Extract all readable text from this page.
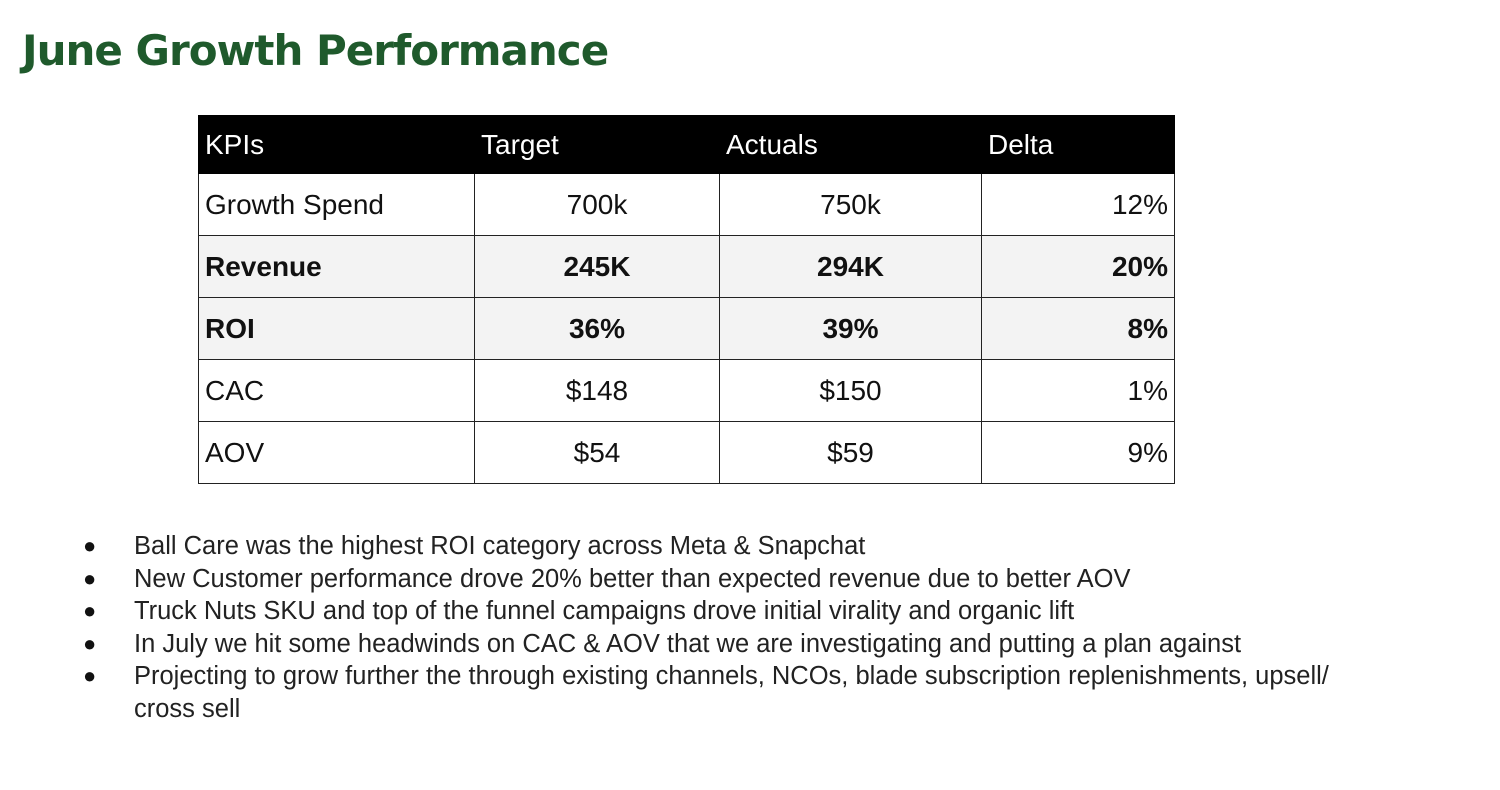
June Growth Performance
KPIs	Target	Actuals	Delta
Growth Spend	700k	750k	12%
Revenue	245K	294K	20%
ROI	36%	39%	8%
CAC	$148	$150	1%
AOV	$54	$59	9%
● Ball Care was the highest ROI category across Meta & Snapchat
● New Customer performance drove 20% better than expected revenue due to better AOV
● Truck Nuts SKU and top of the funnel campaigns drove initial virality and organic lift
● In July we hit some headwinds on CAC & AOV that we are investigating and putting a plan against
● Projecting to grow further the through existing channels, NCOs, blade subscription replenishments, upsell/ cross sell
